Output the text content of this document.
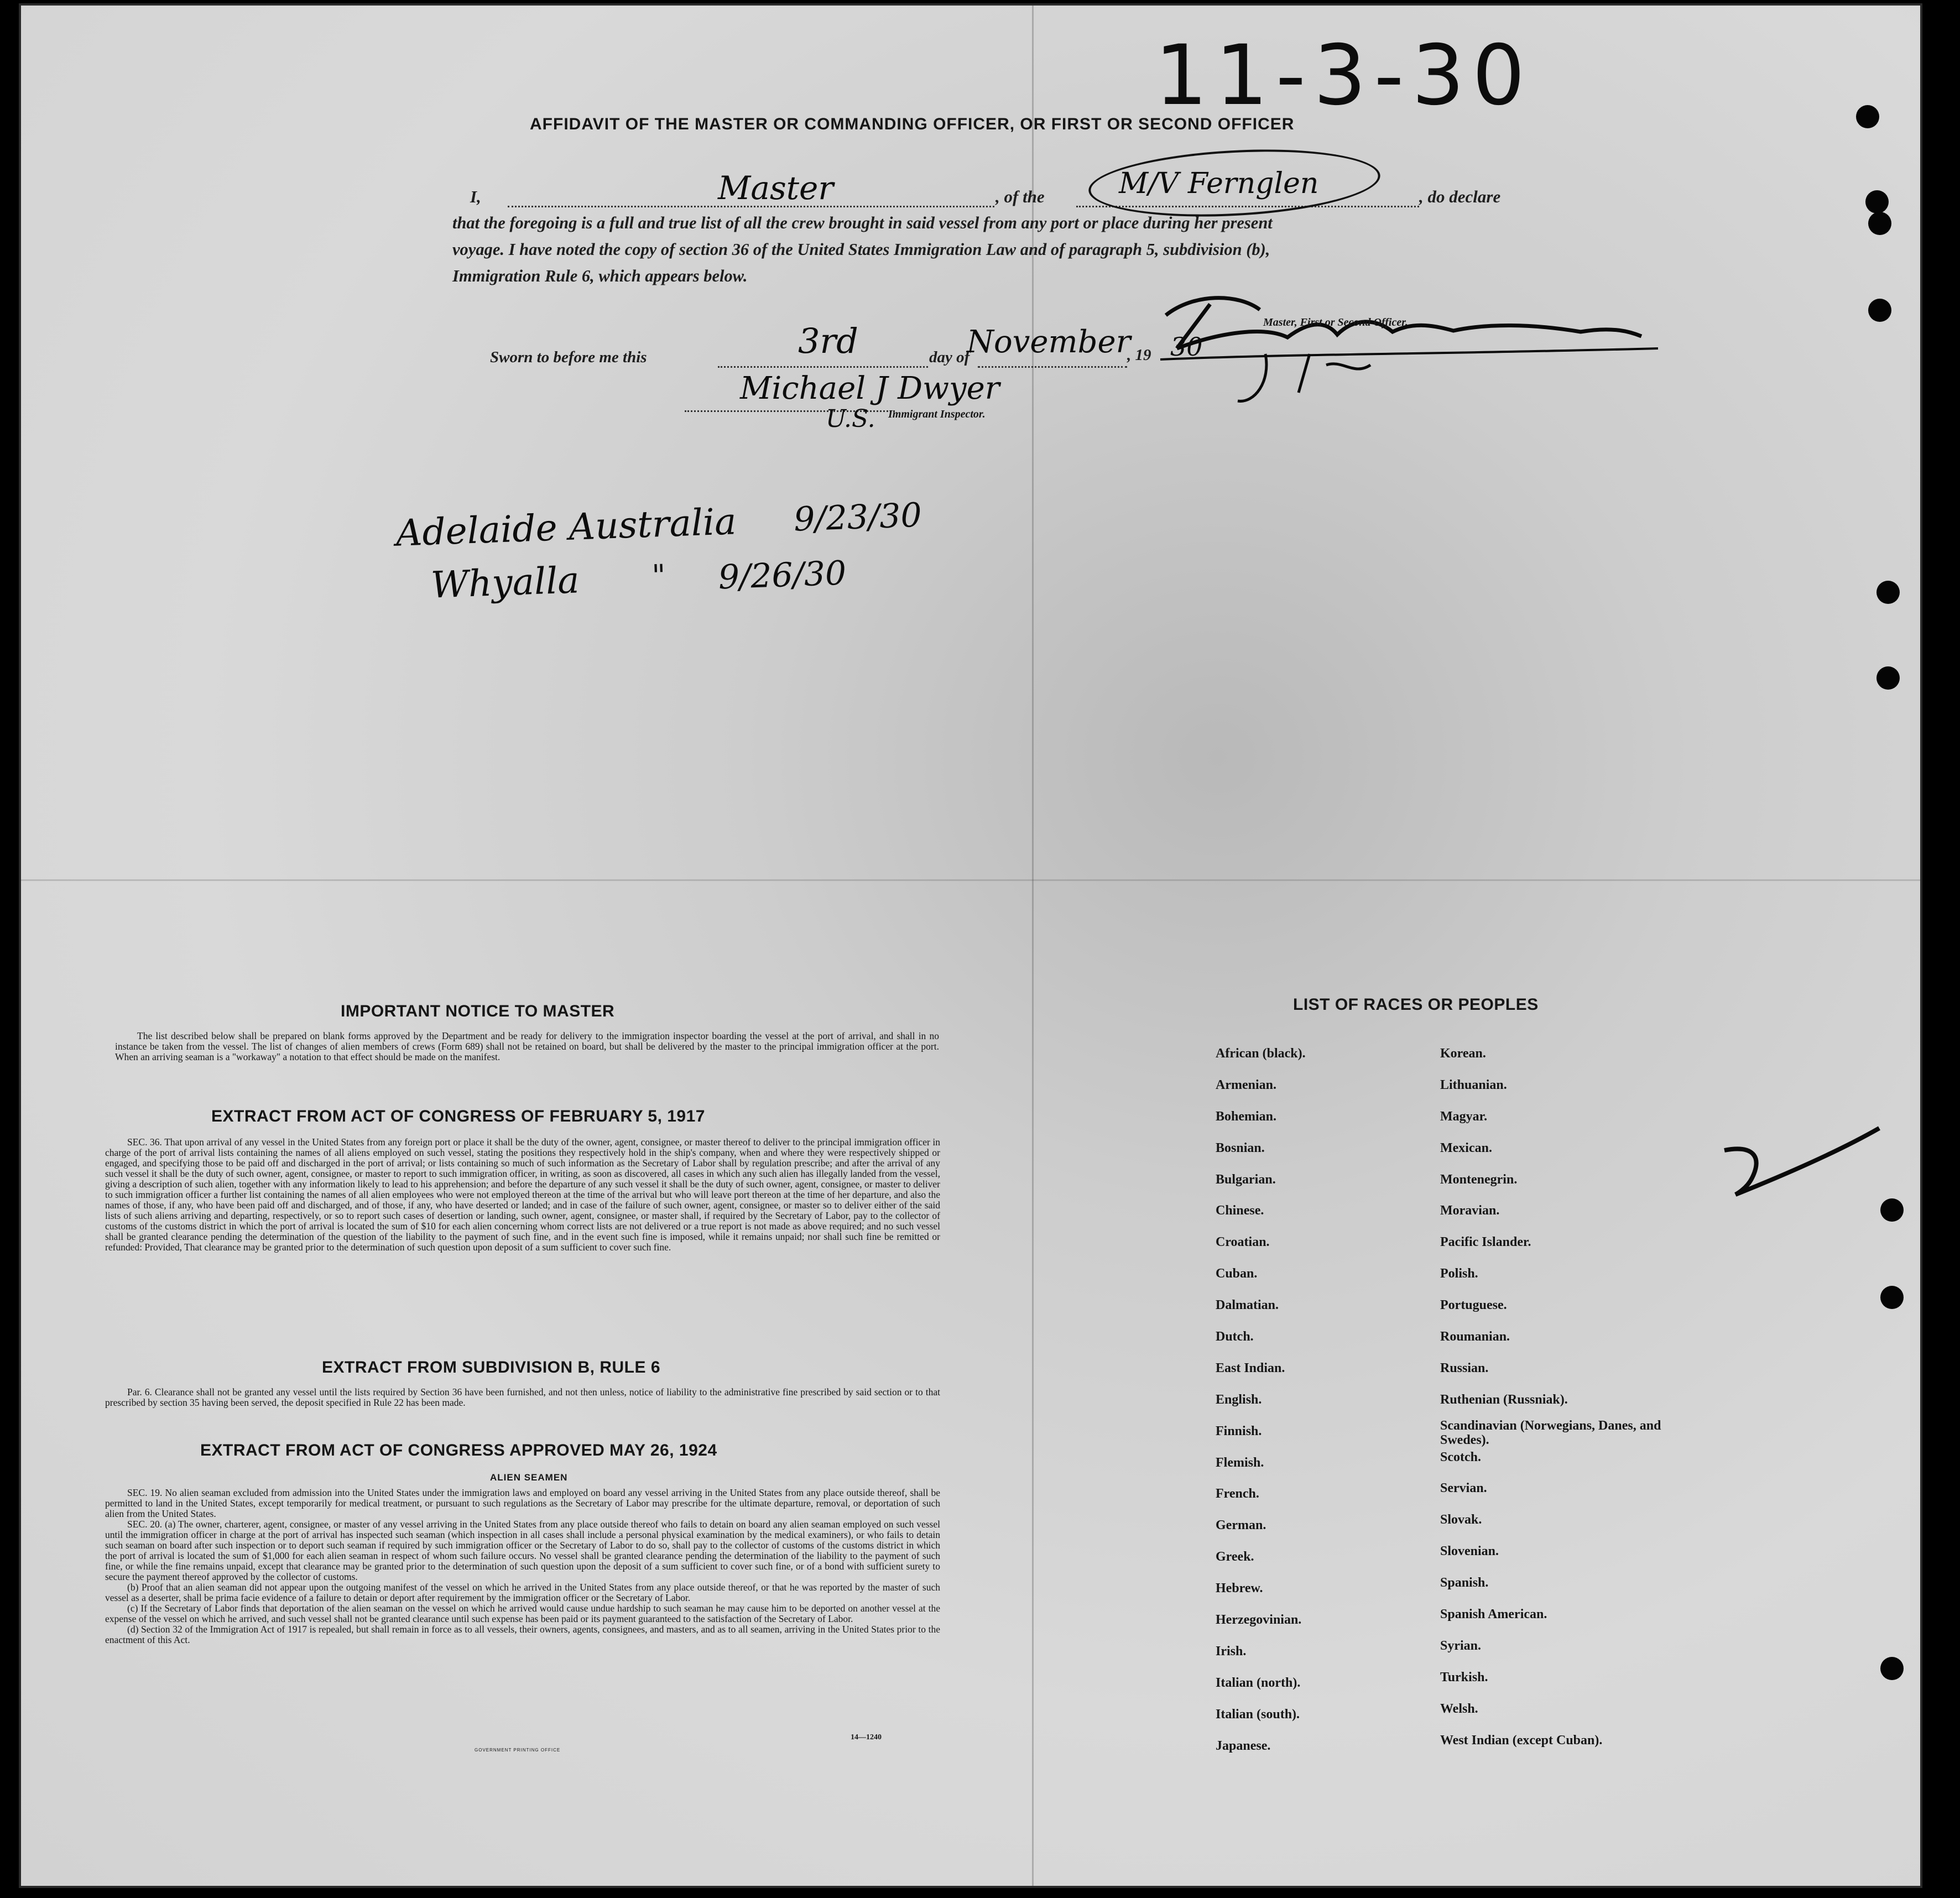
11-3-30
AFFIDAVIT OF THE MASTER OR COMMANDING OFFICER, OR FIRST OR SECOND OFFICER
I,	Master	, of the	M/V Fernglen	, do declare
that the foregoing is a full and true list of all the crew brought in said vessel from any port or place during her present
voyage. I have noted the copy of section 36 of the United States Immigration Law and of paragraph 5, subdivision (b),
Immigration Rule 6, which appears below.
Master, First or Second Officer.
Sworn to before me this	3rd	day of
November
, 19 30
Michael J Dwyer
U.S. Immigrant Inspector.
Adelaide Australia 9/23/30
Whyalla " 9/26/30
IMPORTANT NOTICE TO MASTER
The list described below shall be prepared on blank forms approved by the Department and be ready for delivery to the immigration inspector boarding the vessel at the port of arrival, and shall in no instance be taken from the vessel. The list of changes of alien members of crews (Form 689) shall not be retained on board, but shall be delivered by the master to the principal immigration officer at the port. When an arriving seaman is a "workaway" a notation to that effect should be made on the manifest.
EXTRACT FROM ACT OF CONGRESS OF FEBRUARY 5, 1917
SEC. 36. That upon arrival of any vessel in the United States from any foreign port or place it shall be the duty of the owner, agent, consignee, or master thereof to deliver to the principal immigration officer in charge of the port of arrival lists containing the names of all aliens employed on such vessel, stating the positions they respectively hold in the ship's company, when and where they were respectively shipped or engaged, and specifying those to be paid off and discharged in the port of arrival; or lists containing so much of such information as the Secretary of Labor shall by regulation prescribe; and after the arrival of any such vessel it shall be the duty of such owner, agent, consignee, or master to report to such immigration officer, in writing, as soon as discovered, all cases in which any such alien has illegally landed from the vessel, giving a description of such alien, together with any information likely to lead to his apprehension; and before the departure of any such vessel it shall be the duty of such owner, agent, consignee, or master to deliver to such immigration officer a further list containing the names of all alien employees who were not employed thereon at the time of the arrival but who will leave port thereon at the time of her departure, and also the names of those, if any, who have been paid off and discharged, and of those, if any, who have deserted or landed; and in case of the failure of such owner, agent, consignee, or master so to deliver either of the said lists of such aliens arriving and departing, respectively, or so to report such cases of desertion or landing, such owner, agent, consignee, or master shall, if required by the Secretary of Labor, pay to the collector of customs of the customs district in which the port of arrival is located the sum of $10 for each alien concerning whom correct lists are not delivered or a true report is not made as above required; and no such vessel shall be granted clearance pending the determination of the question of the liability to the payment of such fine, and in the event such fine is imposed, while it remains unpaid; nor shall such fine be remitted or refunded: Provided, That clearance may be granted prior to the determination of such question upon deposit of a sum sufficient to cover such fine.
EXTRACT FROM SUBDIVISION B, RULE 6
Par. 6. Clearance shall not be granted any vessel until the lists required by Section 36 have been furnished, and not then unless, notice of liability to the administrative fine prescribed by said section or to that prescribed by section 35 having been served, the deposit specified in Rule 22 has been made.
EXTRACT FROM ACT OF CONGRESS APPROVED MAY 26, 1924
ALIEN SEAMEN
SEC. 19. No alien seaman excluded from admission into the United States under the immigration laws and employed on board any vessel arriving in the United States from any place outside thereof, shall be permitted to land in the United States, except temporarily for medical treatment, or pursuant to such regulations as the Secretary of Labor may prescribe for the ultimate departure, removal, or deportation of such alien from the United States.
SEC. 20. (a) The owner, charterer, agent, consignee, or master of any vessel arriving in the United States from any place outside thereof who fails to detain on board any alien seaman employed on such vessel until the immigration officer in charge at the port of arrival has inspected such seaman (which inspection in all cases shall include a personal physical examination by the medical examiners), or who fails to detain such seaman on board after such inspection or to deport such seaman if required by such immigration officer or the Secretary of Labor to do so, shall pay to the collector of customs of the customs district in which the port of arrival is located the sum of $1,000 for each alien seaman in respect of whom such failure occurs. No vessel shall be granted clearance pending the determination of the liability to the payment of such fine, or while the fine remains unpaid, except that clearance may be granted prior to the determination of such question upon the deposit of a sum sufficient to cover such fine, or of a bond with sufficient surety to secure the payment thereof approved by the collector of customs.
(b) Proof that an alien seaman did not appear upon the outgoing manifest of the vessel on which he arrived in the United States from any place outside thereof, or that he was reported by the master of such vessel as a deserter, shall be prima facie evidence of a failure to detain or deport after requirement by the immigration officer or the Secretary of Labor.
(c) If the Secretary of Labor finds that deportation of the alien seaman on the vessel on which he arrived would cause undue hardship to such seaman he may cause him to be deported on another vessel at the expense of the vessel on which he arrived, and such vessel shall not be granted clearance until such expense has been paid or its payment guaranteed to the satisfaction of the Secretary of Labor.
(d) Section 32 of the Immigration Act of 1917 is repealed, but shall remain in force as to all vessels, their owners, agents, consignees, and masters, and as to all seamen, arriving in the United States prior to the enactment of this Act.
14—1240
GOVERNMENT PRINTING OFFICE
LIST OF RACES OR PEOPLES
African (black).
Armenian.
Bohemian.
Bosnian.
Bulgarian.
Chinese.
Croatian.
Cuban.
Dalmatian.
Dutch.
East Indian.
English.
Finnish.
Flemish.
French.
German.
Greek.
Hebrew.
Herzegovinian.
Irish.
Italian (north).
Italian (south).
Japanese.
Korean.
Lithuanian.
Magyar.
Mexican.
Montenegrin.
Moravian.
Pacific Islander.
Polish.
Portuguese.
Roumanian.
Russian.
Ruthenian (Russniak).
Scandinavian (Norwegians, Danes, and Swedes).
Scotch.
Servian.
Slovak.
Slovenian.
Spanish.
Spanish American.
Syrian.
Turkish.
Welsh.
West Indian (except Cuban).
